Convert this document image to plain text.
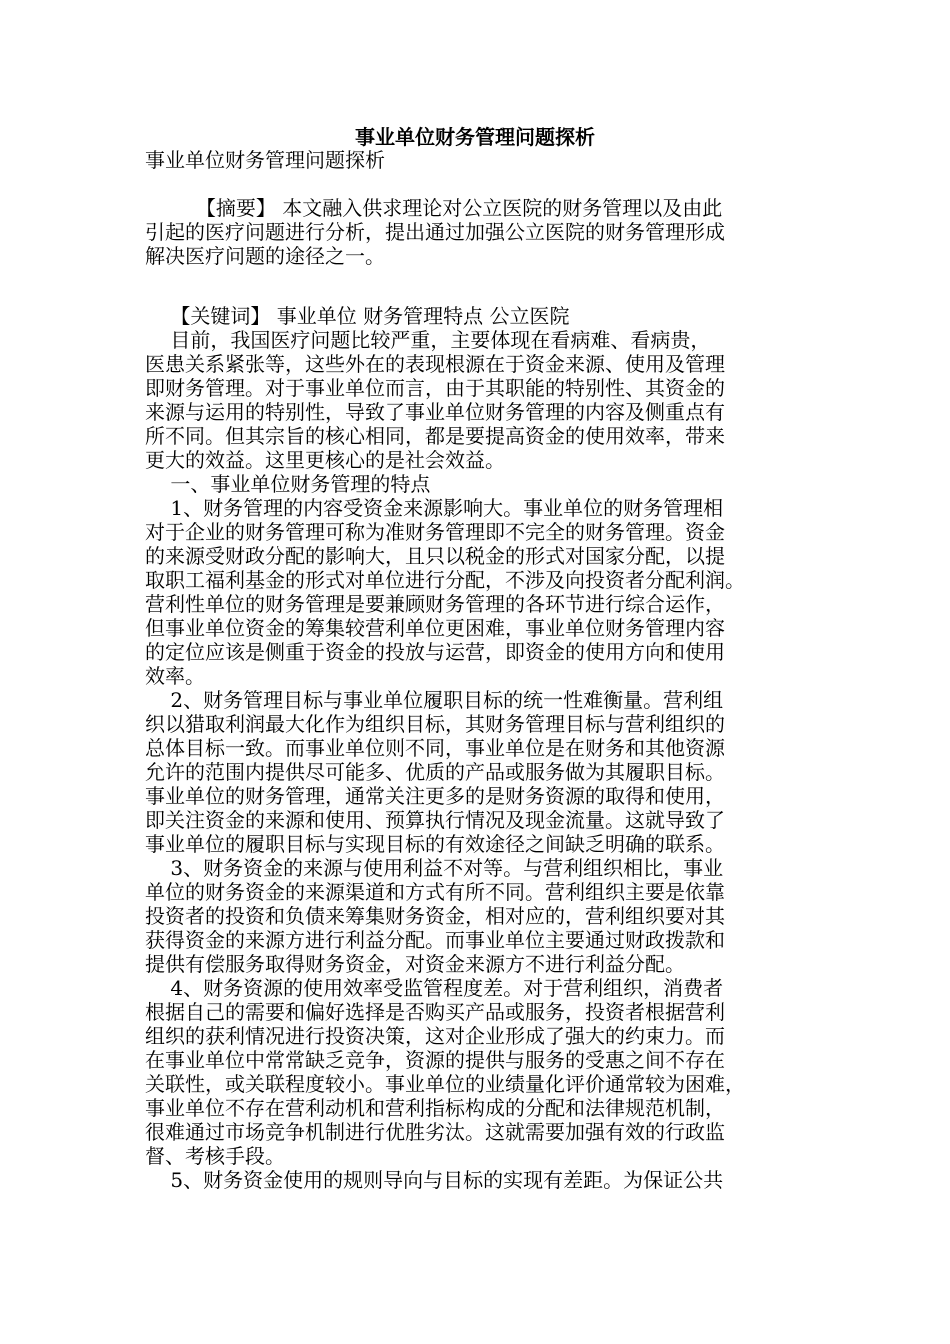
事业单位财务管理问题探析
事业单位财务管理问题探析
【摘要】 本文融入供求理论对公立医院的财务管理以及由此
引起的医疗问题进行分析，提出通过加强公立医院的财务管理形成
解决医疗问题的途径之一。
【关键词】 事业单位 财务管理特点 公立医院
目前，我国医疗问题比较严重，主要体现在看病难、看病贵，
医患关系紧张等，这些外在的表现根源在于资金来源、使用及管理
即财务管理。对于事业单位而言，由于其职能的特别性、其资金的
来源与运用的特别性，导致了事业单位财务管理的内容及侧重点有
所不同。但其宗旨的核心相同，都是要提高资金的使用效率，带来
更大的效益。这里更核心的是社会效益。
一、事业单位财务管理的特点
1、财务管理的内容受资金来源影响大。事业单位的财务管理相
对于企业的财务管理可称为准财务管理即不完全的财务管理。资金
的来源受财政分配的影响大，且只以税金的形式对国家分配，以提
取职工福利基金的形式对单位进行分配，不涉及向投资者分配利润。
营利性单位的财务管理是要兼顾财务管理的各环节进行综合运作，
但事业单位资金的筹集较营利单位更困难，事业单位财务管理内容
的定位应该是侧重于资金的投放与运营，即资金的使用方向和使用
效率。
2、财务管理目标与事业单位履职目标的统一性难衡量。营利组
织以猎取利润最大化作为组织目标，其财务管理目标与营利组织的
总体目标一致。而事业单位则不同，事业单位是在财务和其他资源
允许的范围内提供尽可能多、优质的产品或服务做为其履职目标。
事业单位的财务管理，通常关注更多的是财务资源的取得和使用，
即关注资金的来源和使用、预算执行情况及现金流量。这就导致了
事业单位的履职目标与实现目标的有效途径之间缺乏明确的联系。
3、财务资金的来源与使用利益不对等。与营利组织相比，事业
单位的财务资金的来源渠道和方式有所不同。营利组织主要是依靠
投资者的投资和负债来筹集财务资金，相对应的，营利组织要对其
获得资金的来源方进行利益分配。而事业单位主要通过财政拨款和
提供有偿服务取得财务资金，对资金来源方不进行利益分配。
4、财务资源的使用效率受监管程度差。对于营利组织，消费者
根据自己的需要和偏好选择是否购买产品或服务，投资者根据营利
组织的获利情况进行投资决策，这对企业形成了强大的约束力。而
在事业单位中常常缺乏竞争，资源的提供与服务的受惠之间不存在
关联性，或关联程度较小。事业单位的业绩量化评价通常较为困难，
事业单位不存在营利动机和营利指标构成的分配和法律规范机制，
很难通过市场竞争机制进行优胜劣汰。这就需要加强有效的行政监
督、考核手段。
5、财务资金使用的规则导向与目标的实现有差距。为保证公共
